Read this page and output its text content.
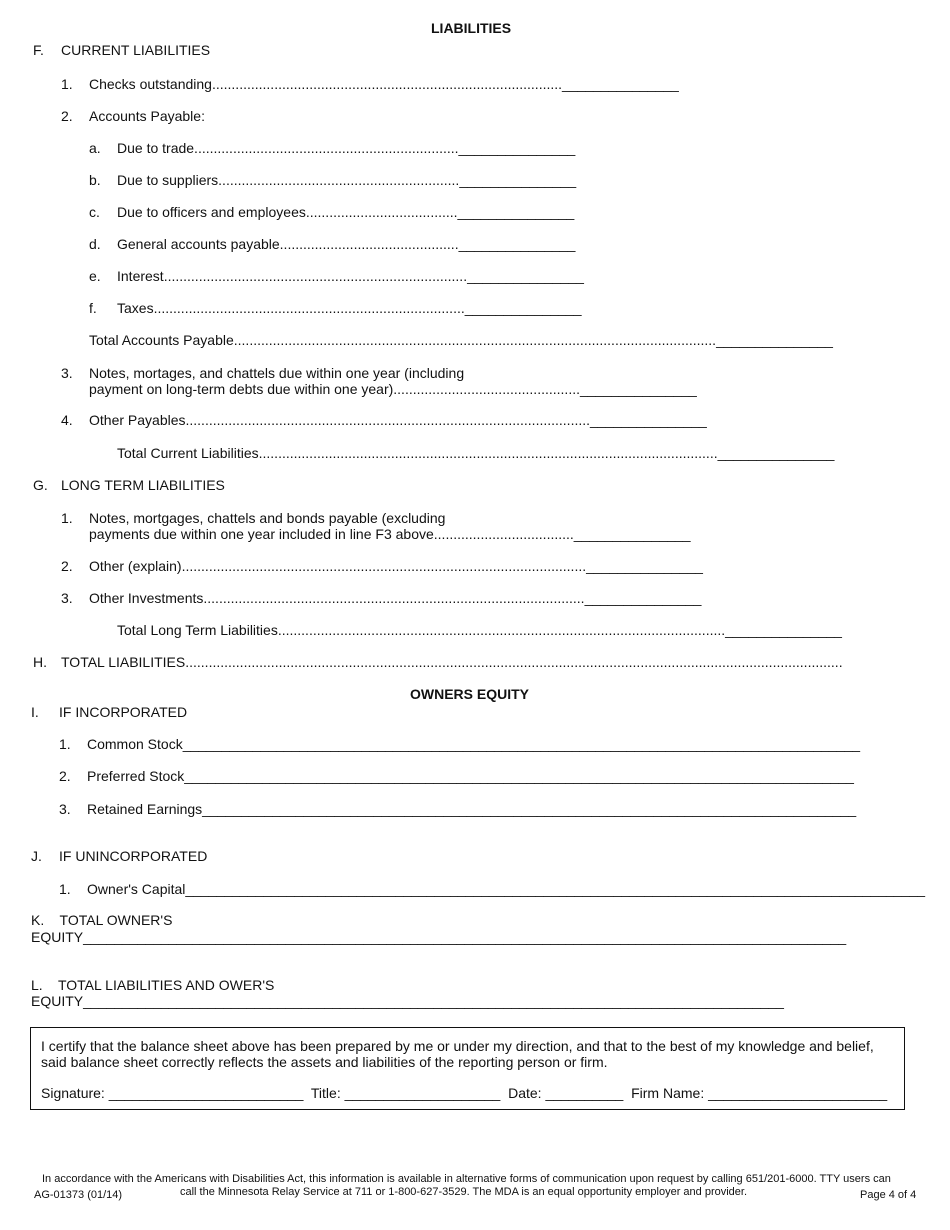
LIABILITIES
F. CURRENT LIABILITIES
1. Checks outstanding.........................................................................................._______________
2. Accounts Payable:
a. Due to trade...................................................................._______________
b. Due to suppliers.............................................................._______________
c. Due to officers and employees......................................._______________
d. General accounts payable.............................................._______________
e. Interest.............................................................................._______________
f. Taxes................................................................................_______________
Total Accounts Payable............................................................................................................................_______________
3. Notes, mortages, and chattels due within one year (including
payment on long-term debts due within one year)................................................_______________
4. Other Payables........................................................................................................_______________
Total Current Liabilities......................................................................................................................_______________
G. LONG TERM LIABILITIES
1. Notes, mortgages, chattels and bonds payable (excluding
payments due within one year included in line F3 above...................................._______________
2. Other (explain)........................................................................................................_______________
3. Other Investments.................................................................................................._______________
Total Long Term Liabilities..................................................................................................................._______________
H. TOTAL LIABILITIES.........................................................................................................................................................................
OWNERS EQUITY
I. IF INCORPORATED
1. Common Stock_______________________________________________________________________________________
2. Preferred Stock______________________________________________________________________________________
3. Retained Earnings____________________________________________________________________________________
J. IF UNINCORPORATED
1. Owner's Capital_______________________________________________________________________________________________
K.    TOTAL OWNER'S
EQUITY__________________________________________________________________________________________________
L.    TOTAL LIABILITIES AND OWER'S
EQUITY__________________________________________________________________________________________
I certify that the balance sheet above has been prepared by me or under my direction, and that to the best of my knowledge and belief,
said balance sheet correctly reflects the assets and liabilities of the reporting person or firm.
Signature: _________________________  Title: ____________________  Date: __________  Firm Name: _______________________
In accordance with the Americans with Disabilities Act, this information is available in alternative forms of communication upon request by calling 651/201-6000. TTY users can
call the Minnesota Relay Service at 711 or 1-800-627-3529. The MDA is an equal opportunity employer and provider.
AG-01373 (01/14)	Page 4 of 4
